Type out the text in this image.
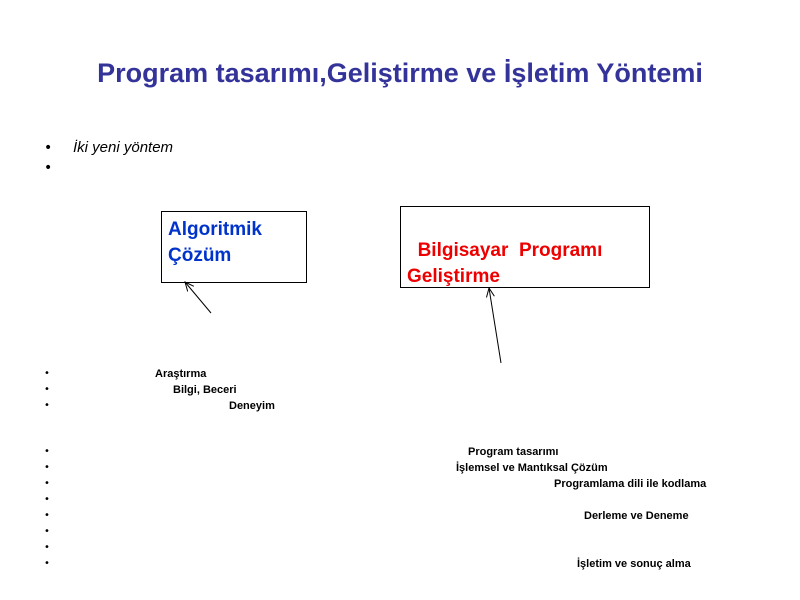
Program tasarımı,Geliştirme ve İşletim Yöntemi
• İki yeni yöntem
•
Algoritmik Çözüm	Bilgisayar  Programı Geliştirme

•	Araştırma
•	Bilgi, Beceri
•	Deneyim
•	Program tasarımı
•	İşlemsel ve Mantıksal Çözüm
•	Programlama dili ile kodlama
•
•	Derleme ve Deneme
•
•
•	İşletim ve sonuç alma
